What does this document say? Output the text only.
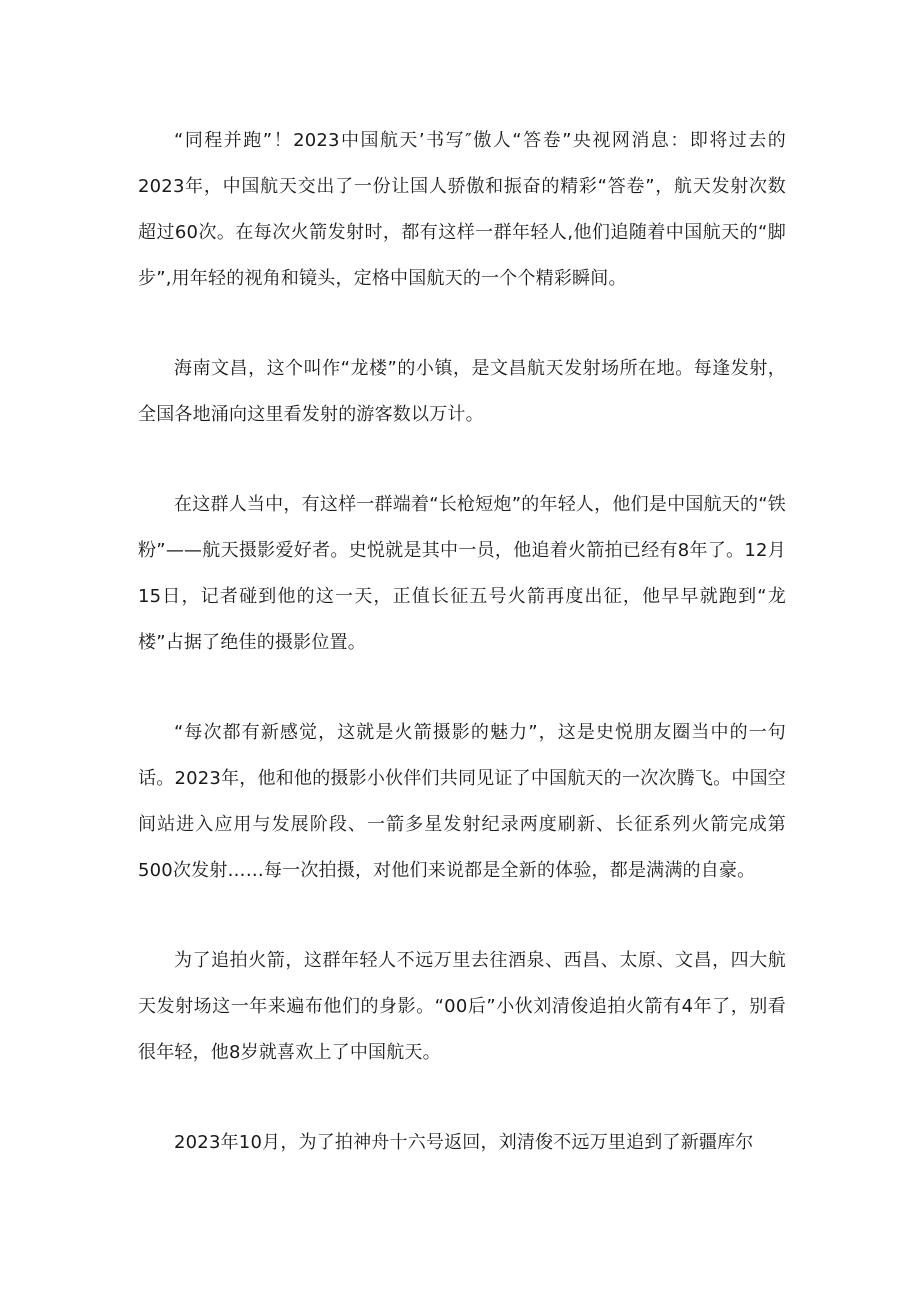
“同程并跑”！2023中国航天’书写″傲人“答卷”央视网消息：即将过去的2023年，中国航天交出了一份让国人骄傲和振奋的精彩“答卷”，航天发射次数超过60次。在每次火箭发射时，都有这样一群年轻人,他们追随着中国航天的“脚步”,用年轻的视角和镜头，定格中国航天的一个个精彩瞬间。

海南文昌，这个叫作“龙楼”的小镇，是文昌航天发射场所在地。每逢发射，全国各地涌向这里看发射的游客数以万计。

在这群人当中，有这样一群端着“长枪短炮”的年轻人，他们是中国航天的“铁粉”——航天摄影爱好者。史悦就是其中一员，他追着火箭拍已经有8年了。12月15日，记者碰到他的这一天，正值长征五号火箭再度出征，他早早就跑到“龙楼”占据了绝佳的摄影位置。

“每次都有新感觉，这就是火箭摄影的魅力”，这是史悦朋友圈当中的一句话。2023年，他和他的摄影小伙伴们共同见证了中国航天的一次次腾飞。中国空间站进入应用与发展阶段、一箭多星发射纪录两度刷新、长征系列火箭完成第500次发射……每一次拍摄，对他们来说都是全新的体验，都是满满的自豪。

为了追拍火箭，这群年轻人不远万里去往酒泉、西昌、太原、文昌，四大航天发射场这一年来遍布他们的身影。“00后”小伙刘清俊追拍火箭有4年了，别看很年轻，他8岁就喜欢上了中国航天。

2023年10月，为了拍神舟十六号返回，刘清俊不远万里追到了新疆库尔
